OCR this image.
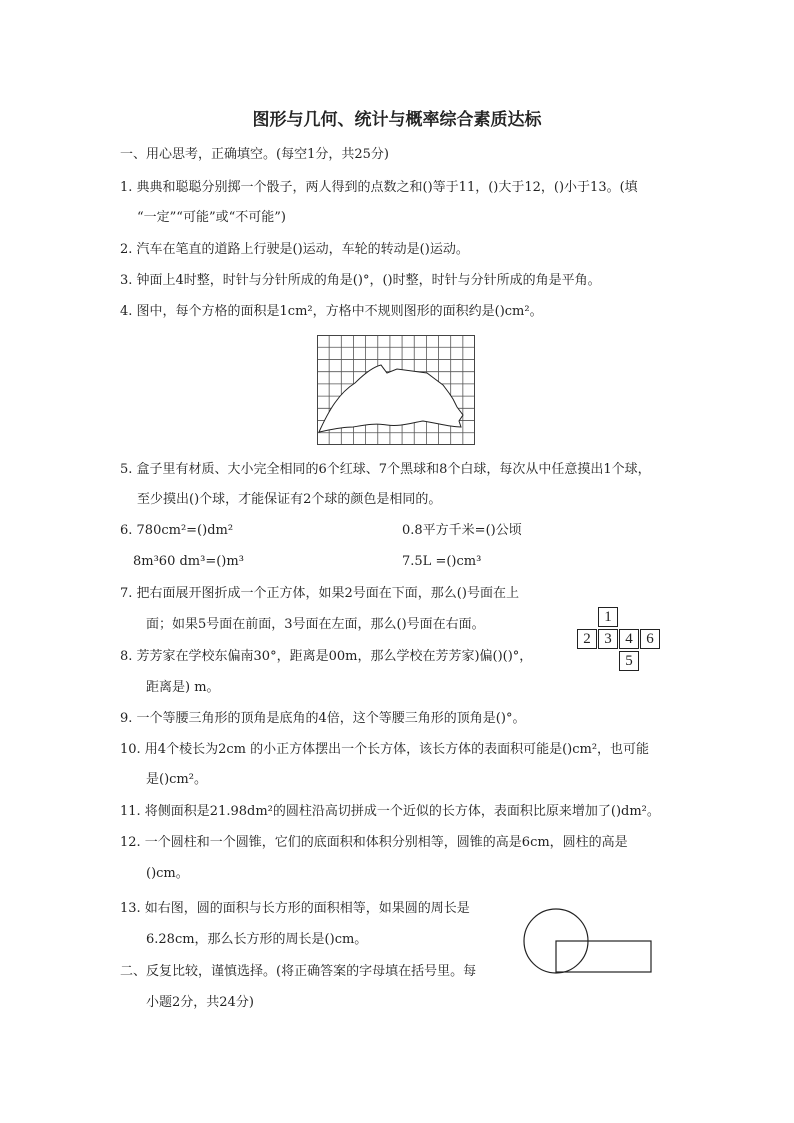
图形与几何、统计与概率综合素质达标
一、用心思考，正确填空。(每空1分，共25分)
1. 典典和聪聪分别掷一个骰子，两人得到的点数之和()等于11，()大于12，()小于13。(填
“一定”“可能”或“不可能”)
2. 汽车在笔直的道路上行驶是()运动，车轮的转动是()运动。
3. 钟面上4时整，时针与分针所成的角是()°，()时整，时针与分针所成的角是平角。
4. 图中，每个方格的面积是1cm²，方格中不规则图形的面积约是()cm²。
5. 盒子里有材质、大小完全相同的6个红球、7个黑球和8个白球，每次从中任意摸出1个球，
至少摸出()个球，才能保证有2个球的颜色是相同的。
6. 780cm²=()dm²	0.8平方千米=()公顷
8m³60 dm³=()m³	7.5L =()cm³
7. 把右面展开图折成一个正方体，如果2号面在下面，那么()号面在上
面；如果5号面在前面，3号面在左面，那么()号面在右面。	1
2 3 4 6
5
8. 芳芳家在学校东偏南30°，距离是00m，那么学校在芳芳家)偏()()°，
距离是) m。
9. 一个等腰三角形的顶角是底角的4倍，这个等腰三角形的顶角是()°。
10. 用4个棱长为2cm 的小正方体摆出一个长方体，该长方体的表面积可能是()cm²，也可能
是()cm²。
11. 将侧面积是21.98dm²的圆柱沿高切拼成一个近似的长方体，表面积比原来增加了()dm²。
12. 一个圆柱和一个圆锥，它们的底面积和体积分别相等，圆锥的高是6cm，圆柱的高是
()cm。
13. 如右图，圆的面积与长方形的面积相等，如果圆的周长是
6.28cm，那么长方形的周长是()cm。
二、反复比较，谨慎选择。(将正确答案的字母填在括号里。每
小题2分，共24分)
